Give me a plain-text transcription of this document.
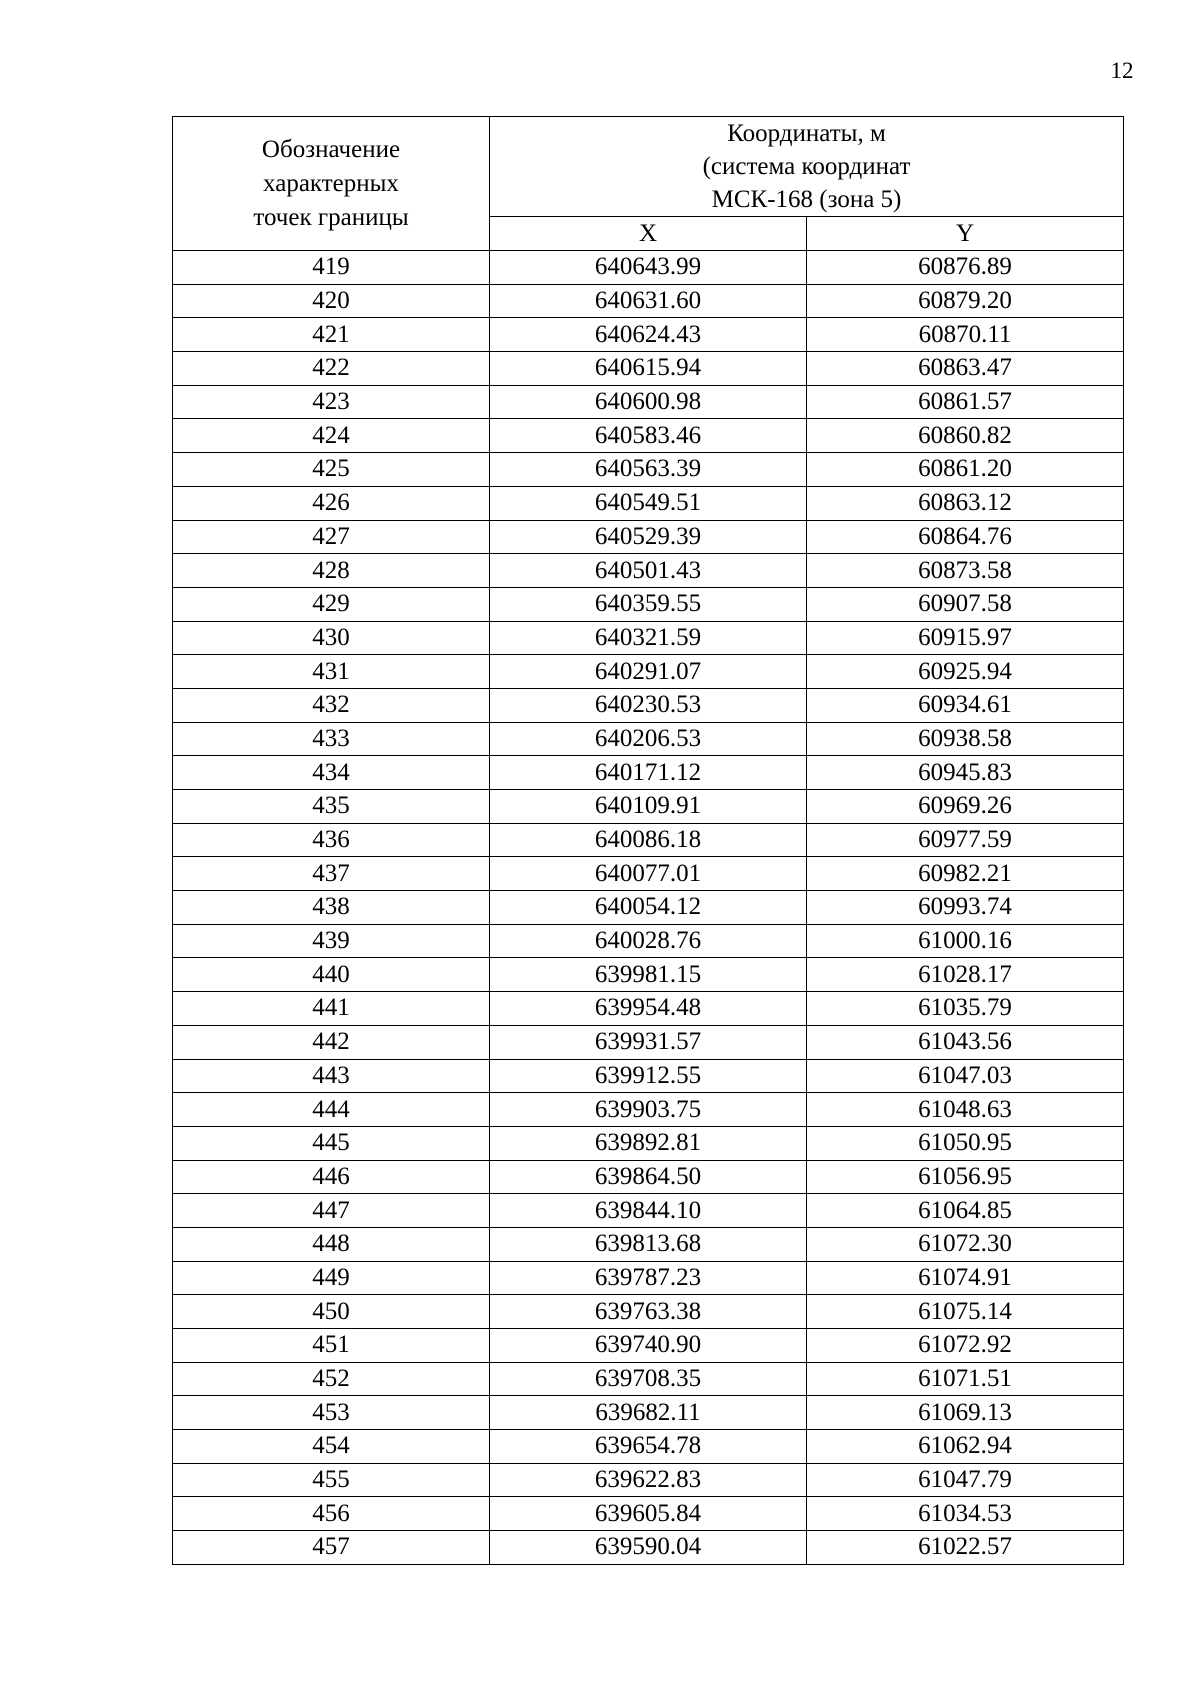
12
Обозначение
характерных
точек границы	Координаты, м
(система координат
МСК-168 (зона 5)	

	X	Y
419	640643.99	60876.89
420	640631.60	60879.20
421	640624.43	60870.11
422	640615.94	60863.47
423	640600.98	60861.57
424	640583.46	60860.82
425	640563.39	60861.20
426	640549.51	60863.12
427	640529.39	60864.76
428	640501.43	60873.58
429	640359.55	60907.58
430	640321.59	60915.97
431	640291.07	60925.94
432	640230.53	60934.61
433	640206.53	60938.58
434	640171.12	60945.83
435	640109.91	60969.26
436	640086.18	60977.59
437	640077.01	60982.21
438	640054.12	60993.74
439	640028.76	61000.16
440	639981.15	61028.17
441	639954.48	61035.79
442	639931.57	61043.56
443	639912.55	61047.03
444	639903.75	61048.63
445	639892.81	61050.95
446	639864.50	61056.95
447	639844.10	61064.85
448	639813.68	61072.30
449	639787.23	61074.91
450	639763.38	61075.14
451	639740.90	61072.92
452	639708.35	61071.51
453	639682.11	61069.13
454	639654.78	61062.94
455	639622.83	61047.79
456	639605.84	61034.53
457	639590.04	61022.57
